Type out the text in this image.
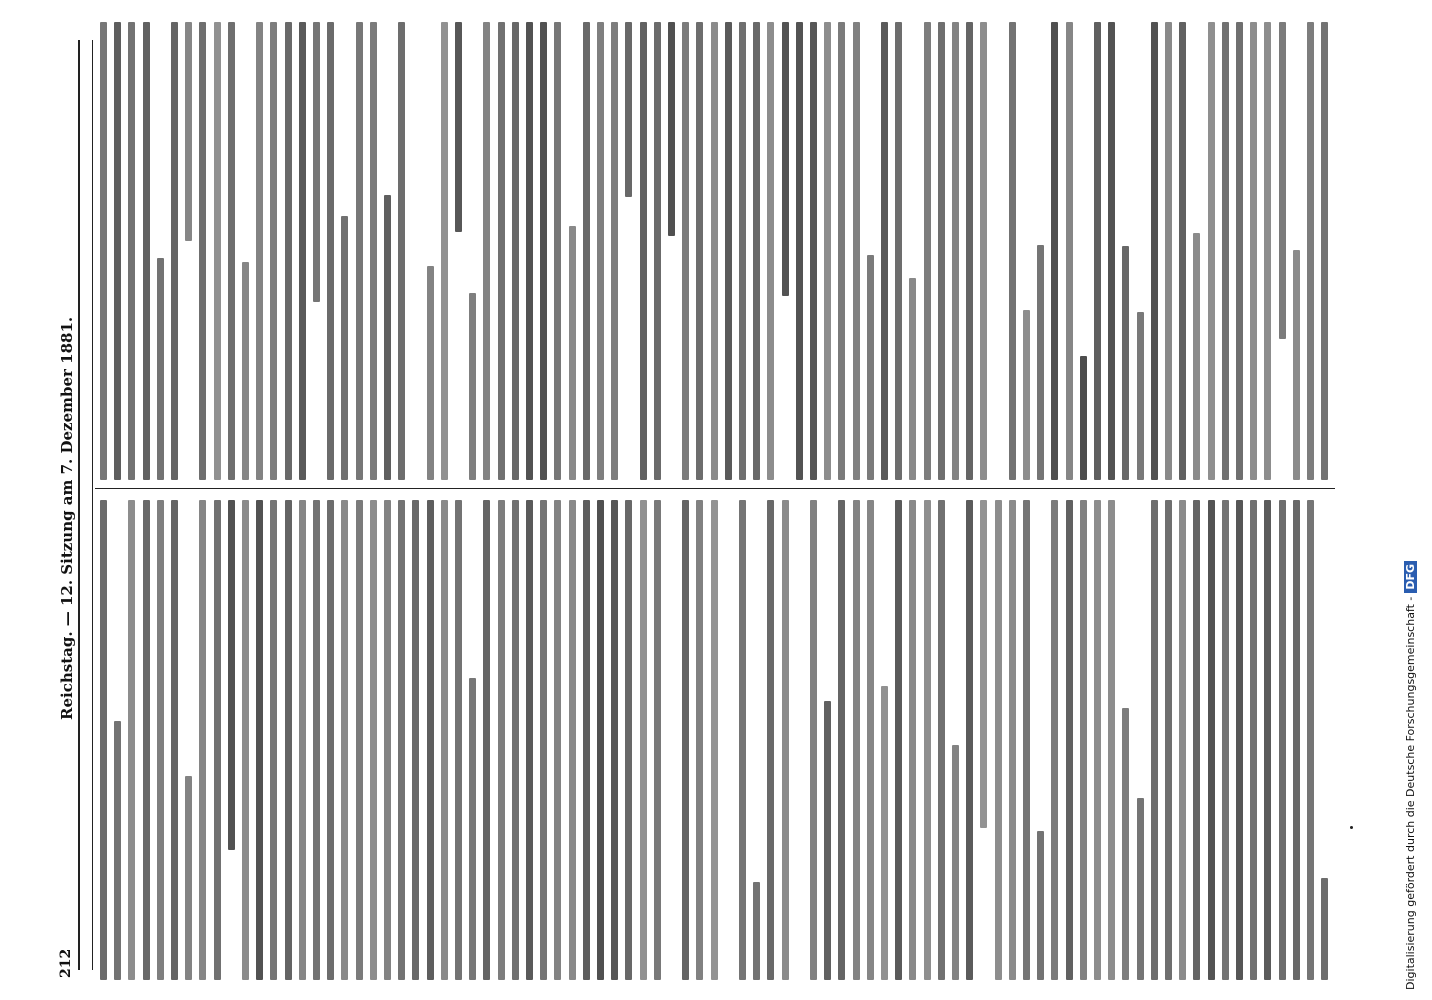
212
Reichstag. — 12. Sitzung am 7. Dezember 1881.
Digitalisierung gefördert durch die Deutsche Forschungsgemeinschaft -DFG
